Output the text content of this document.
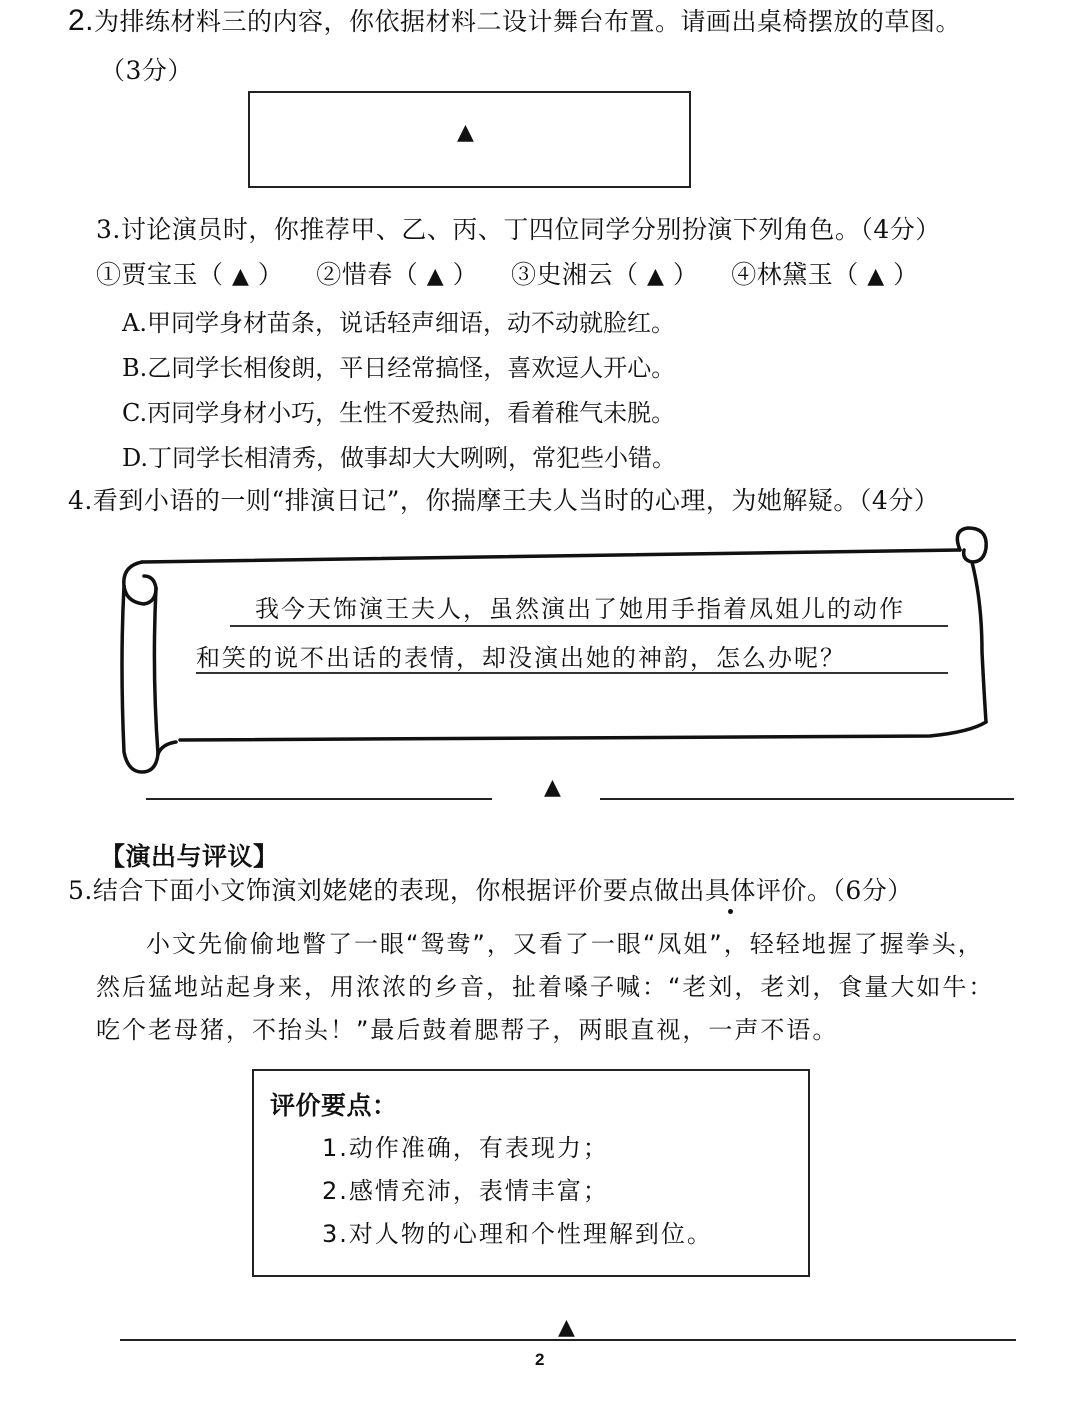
2.为排练材料三的内容，你依据材料二设计舞台布置。请画出桌椅摆放的草图。
（3分）
▲
3.讨论演员时，你推荐甲、乙、丙、丁四位同学分别扮演下列角色。（4分）
①贾宝玉（ ▲ ） ②惜春（ ▲ ） ③史湘云（ ▲ ） ④林黛玉（ ▲ ）
A.甲同学身材苗条，说话轻声细语，动不动就脸红。
B.乙同学长相俊朗，平日经常搞怪，喜欢逗人开心。
C.丙同学身材小巧，生性不爱热闹，看着稚气未脱。
D.丁同学长相清秀，做事却大大咧咧，常犯些小错。
4.看到小语的一则“排演日记”，你揣摩王夫人当时的心理，为她解疑。（4分）
我今天饰演王夫人，虽然演出了她用手指着凤姐儿的动作
和笑的说不出话的表情，却没演出她的神韵，怎么办呢？
▲
【演出与评议】
5.结合下面小文饰演刘姥姥的表现，你根据评价要点做出具体评价。（6分）
小文先偷偷地瞥了一眼“鸳鸯”，又看了一眼“凤姐”，轻轻地握了握拳头，
然后猛地站起身来，用浓浓的乡音，扯着嗓子喊：“老刘，老刘，食量大如牛：
吃个老母猪，不抬头！”最后鼓着腮帮子，两眼直视，一声不语。
评价要点：
1.动作准确，有表现力；
2.感情充沛，表情丰富；
3.对人物的心理和个性理解到位。
▲
2
